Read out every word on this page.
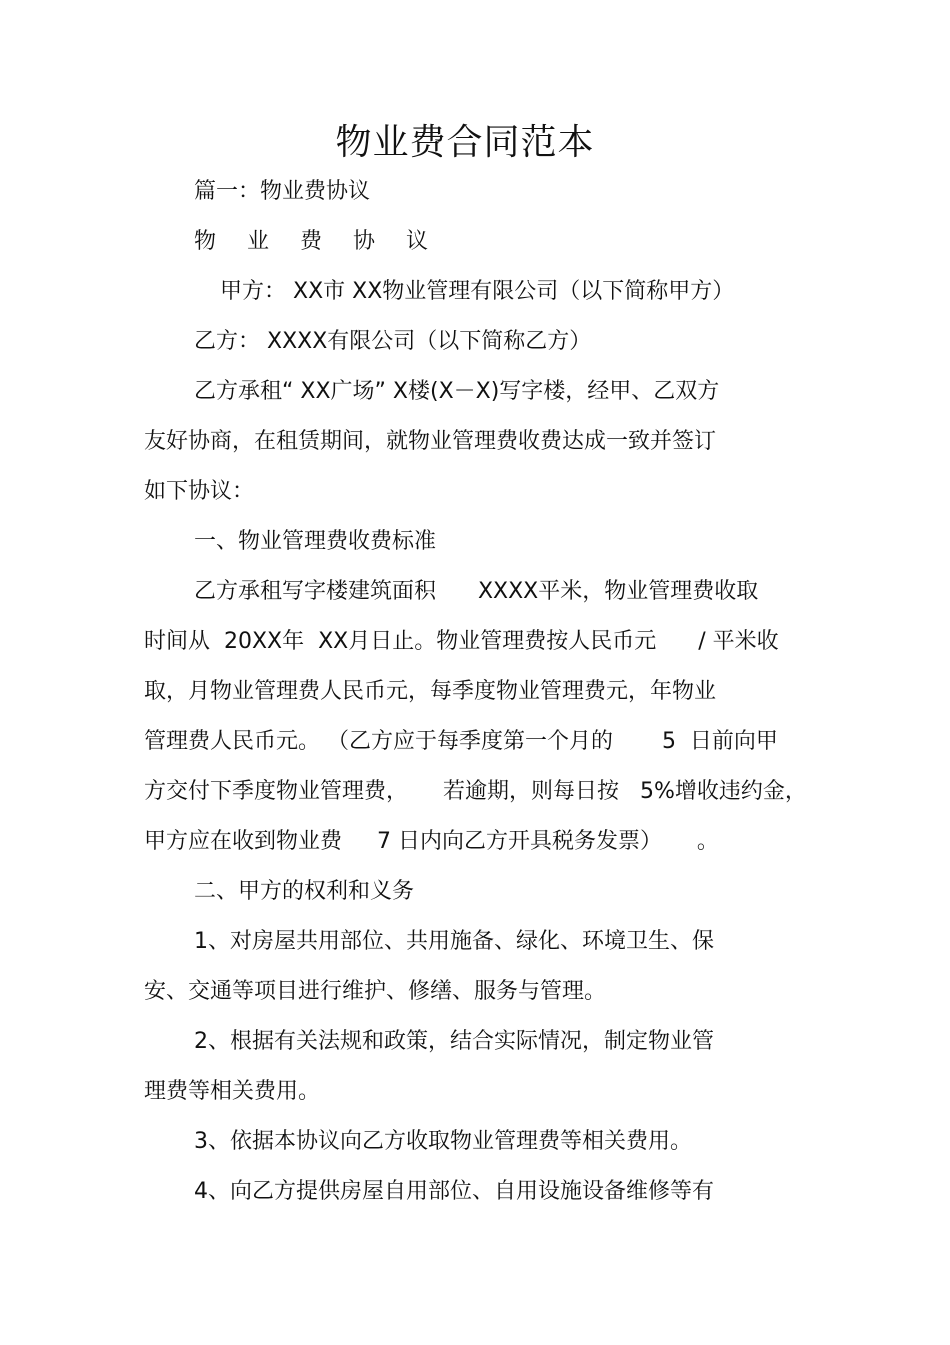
物业费合同范本

篇一：物业费协议

物 业 费 协 议

甲方： XX市 XX物业管理有限公司（以下简称甲方）

乙方： XXXX有限公司（以下简称乙方）

乙方承租“ XX广场” X楼(X－X)写字楼，经甲、乙双方

友好协商，在租赁期间，就物业管理费收费达成一致并签订

如下协议：

一、物业管理费收费标准

乙方承租写字楼建筑面积      XXXX平米，物业管理费收取

时间从  20XX年  XX月日止。物业管理费按人民币元      / 平米收

取，月物业管理费人民币元，每季度物业管理费元，年物业

管理费人民币元。 （乙方应于每季度第一个月的       5  日前向甲

方交付下季度物业管理费，     若逾期，则每日按   5%增收违约金，

甲方应在收到物业费     7 日内向乙方开具税务发票）     。

二、甲方的权利和义务

1、对房屋共用部位、共用施备、绿化、环境卫生、保

安、交通等项目进行维护、修缮、服务与管理。

2、根据有关法规和政策，结合实际情况，制定物业管

理费等相关费用。

3、依据本协议向乙方收取物业管理费等相关费用。

4、向乙方提供房屋自用部位、自用设施设备维修等有
